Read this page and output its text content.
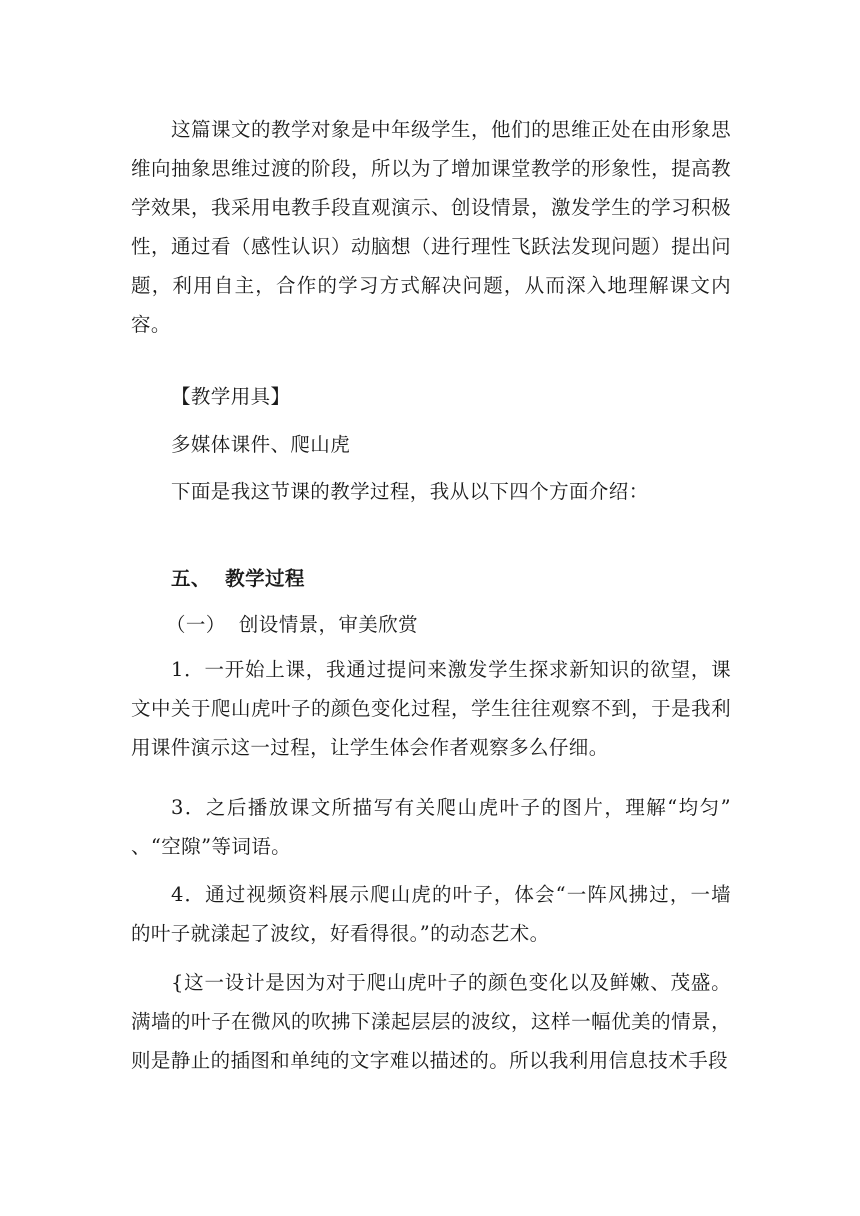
这篇课文的教学对象是中年级学生，他们的思维正处在由形象思维向抽象思维过渡的阶段，所以为了增加课堂教学的形象性，提高教学效果，我采用电教手段直观演示、创设情景，激发学生的学习积极性，通过看（感性认识）动脑想（进行理性飞跃法发现问题）提出问题，利用自主，合作的学习方式解决问题，从而深入地理解课文内容。

【教学用具】

多媒体课件、爬山虎

下面是我这节课的教学过程，我从以下四个方面介绍：

五、  教学过程

（一）  创设情景，审美欣赏

1．一开始上课，我通过提问来激发学生探求新知识的欲望，课文中关于爬山虎叶子的颜色变化过程，学生往往观察不到，于是我利用课件演示这一过程，让学生体会作者观察多么仔细。

3．之后播放课文所描写有关爬山虎叶子的图片，理解“均匀” 、“空隙”等词语。

4．通过视频资料展示爬山虎的叶子，体会“一阵风拂过，一墙的叶子就漾起了波纹，好看得很。”的动态艺术。

{这一设计是因为对于爬山虎叶子的颜色变化以及鲜嫩、茂盛。满墙的叶子在微风的吹拂下漾起层层的波纹，这样一幅优美的情景，则是静止的插图和单纯的文字难以描述的。所以我利用信息技术手段
